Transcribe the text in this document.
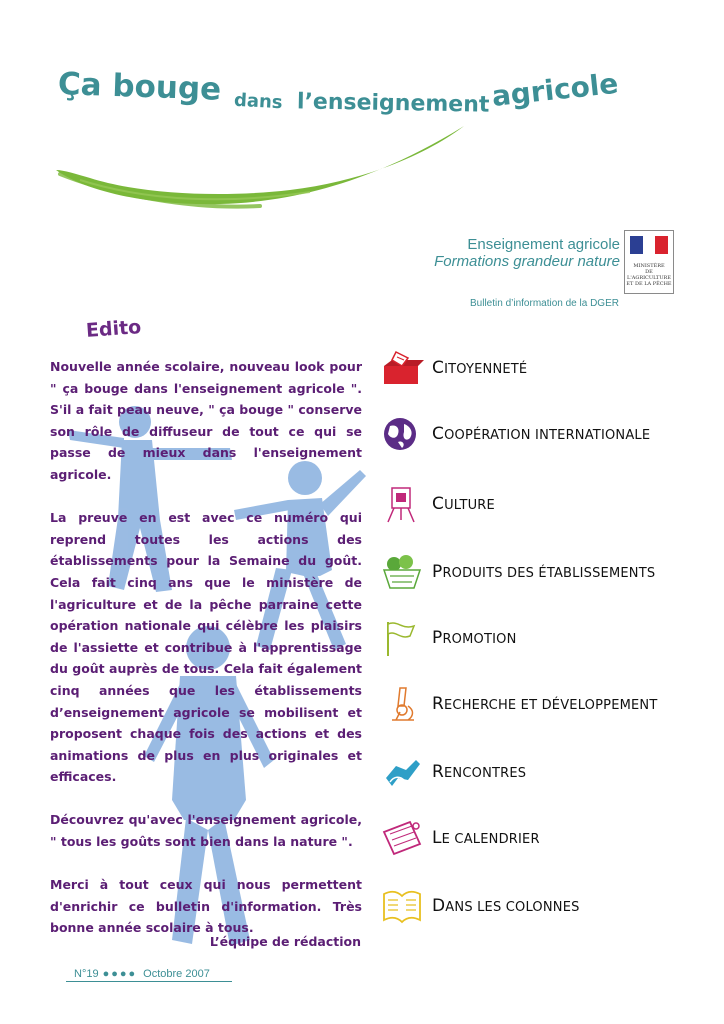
Ça bouge dans l’enseignement agricole
Enseignement agricole
Formations grandeur nature	MINISTÈRE
DE L'AGRICULTURE
ET DE LA PÊCHE
Bulletin d’information de la DGER
Edito

Nouvelle année scolaire, nouveau look pour " ça bouge dans l'enseignement agricole ". S'il a fait peau neuve, " ça bouge " conserve son rôle de diffuseur de tout ce qui se passe de mieux dans l'enseignement agricole.

La preuve en est avec ce numéro qui reprend toutes les actions des établissements pour la Semaine du goût. Cela fait cinq ans que le ministère de l'agriculture et de la pêche parraine cette opération nationale qui célèbre les plaisirs de l'assiette et contribue à l'apprentissage du goût auprès de tous. Cela fait également cinq années que les établissements d’enseignement agricole se mobilisent et proposent chaque fois des actions et des animations de plus en plus originales et efficaces.

Découvrez qu'avec l'enseignement agricole, " tous les goûts sont bien dans la nature ".

Merci à tout ceux qui nous permettent d'enrichir ce bulletin d'information. Très bonne année scolaire à tous.

L’équipe de rédaction
N°19 ●●●● Octobre 2007
CITOYENNETÉ
COOPÉRATION INTERNATIONALE
CULTURE
PRODUITS DES ÉTABLISSEMENTS
PROMOTION
RECHERCHE ET DÉVELOPPEMENT
RENCONTRES
LE CALENDRIER
DANS LES COLONNES
